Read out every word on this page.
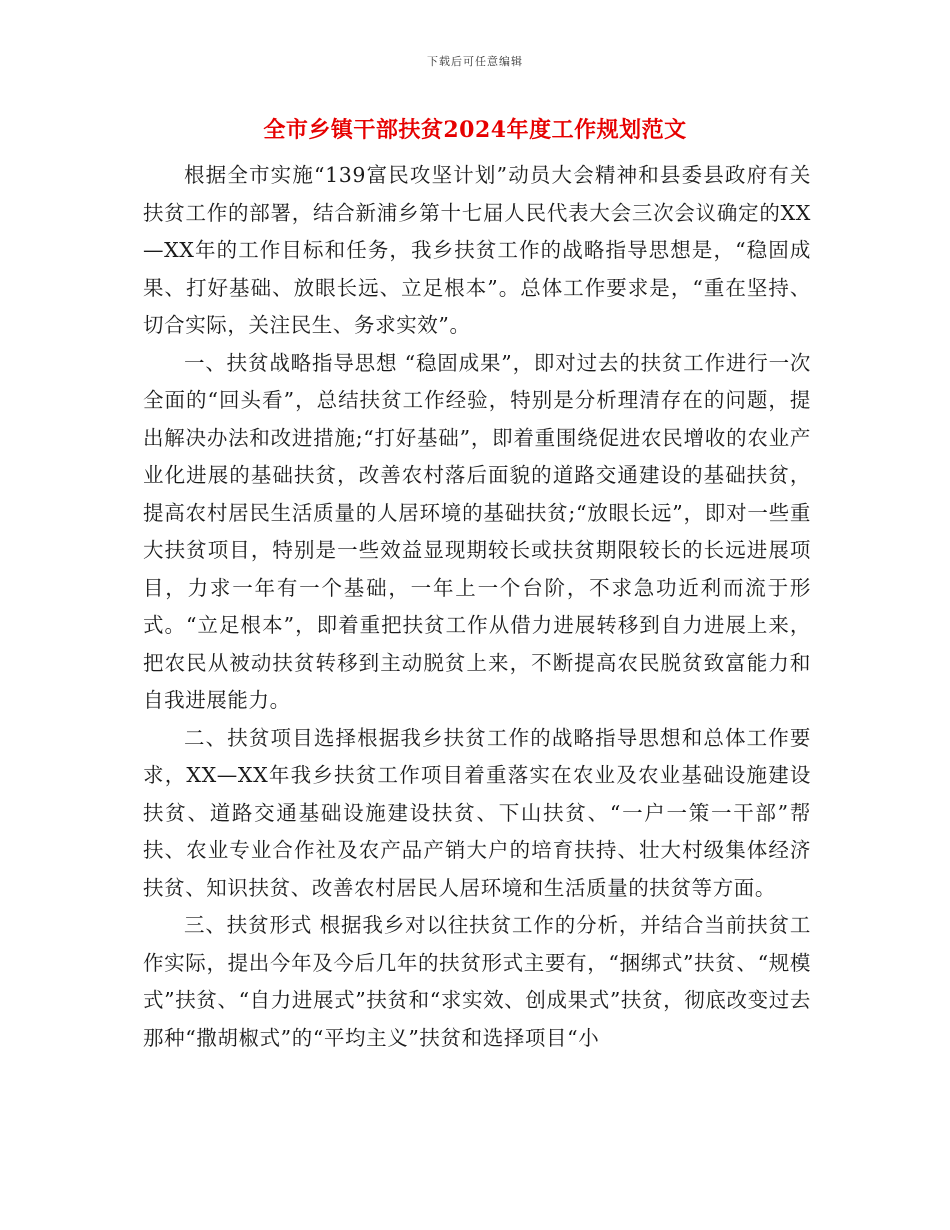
下载后可任意编辑
全市乡镇干部扶贫2024年度工作规划范文

根据全市实施“139富民攻坚计划”动员大会精神和县委县政府有关扶贫工作的部署，结合新浦乡第十七届人民代表大会三次会议确定的XX—XX年的工作目标和任务，我乡扶贫工作的战略指导思想是，“稳固成果、打好基础、放眼长远、立足根本”。总体工作要求是，“重在坚持、切合实际，关注民生、务求实效”。

一、扶贫战略指导思想 “稳固成果”，即对过去的扶贫工作进行一次全面的“回头看”，总结扶贫工作经验，特别是分析理清存在的问题，提出解决办法和改进措施;“打好基础”，即着重围绕促进农民增收的农业产业化进展的基础扶贫，改善农村落后面貌的道路交通建设的基础扶贫，提高农村居民生活质量的人居环境的基础扶贫;“放眼长远”，即对一些重大扶贫项目，特别是一些效益显现期较长或扶贫期限较长的长远进展项目，力求一年有一个基础，一年上一个台阶，不求急功近利而流于形式。“立足根本”，即着重把扶贫工作从借力进展转移到自力进展上来，把农民从被动扶贫转移到主动脱贫上来，不断提高农民脱贫致富能力和自我进展能力。

二、扶贫项目选择根据我乡扶贫工作的战略指导思想和总体工作要求，XX—XX年我乡扶贫工作项目着重落实在农业及农业基础设施建设扶贫、道路交通基础设施建设扶贫、下山扶贫、“一户一策一干部”帮扶、农业专业合作社及农产品产销大户的培育扶持、壮大村级集体经济扶贫、知识扶贫、改善农村居民人居环境和生活质量的扶贫等方面。

三、扶贫形式 根据我乡对以往扶贫工作的分析，并结合当前扶贫工作实际，提出今年及今后几年的扶贫形式主要有，“捆绑式”扶贫、“规模式”扶贫、“自力进展式”扶贫和“求实效、创成果式”扶贫，彻底改变过去那种“撒胡椒式”的“平均主义”扶贫和选择项目“小
